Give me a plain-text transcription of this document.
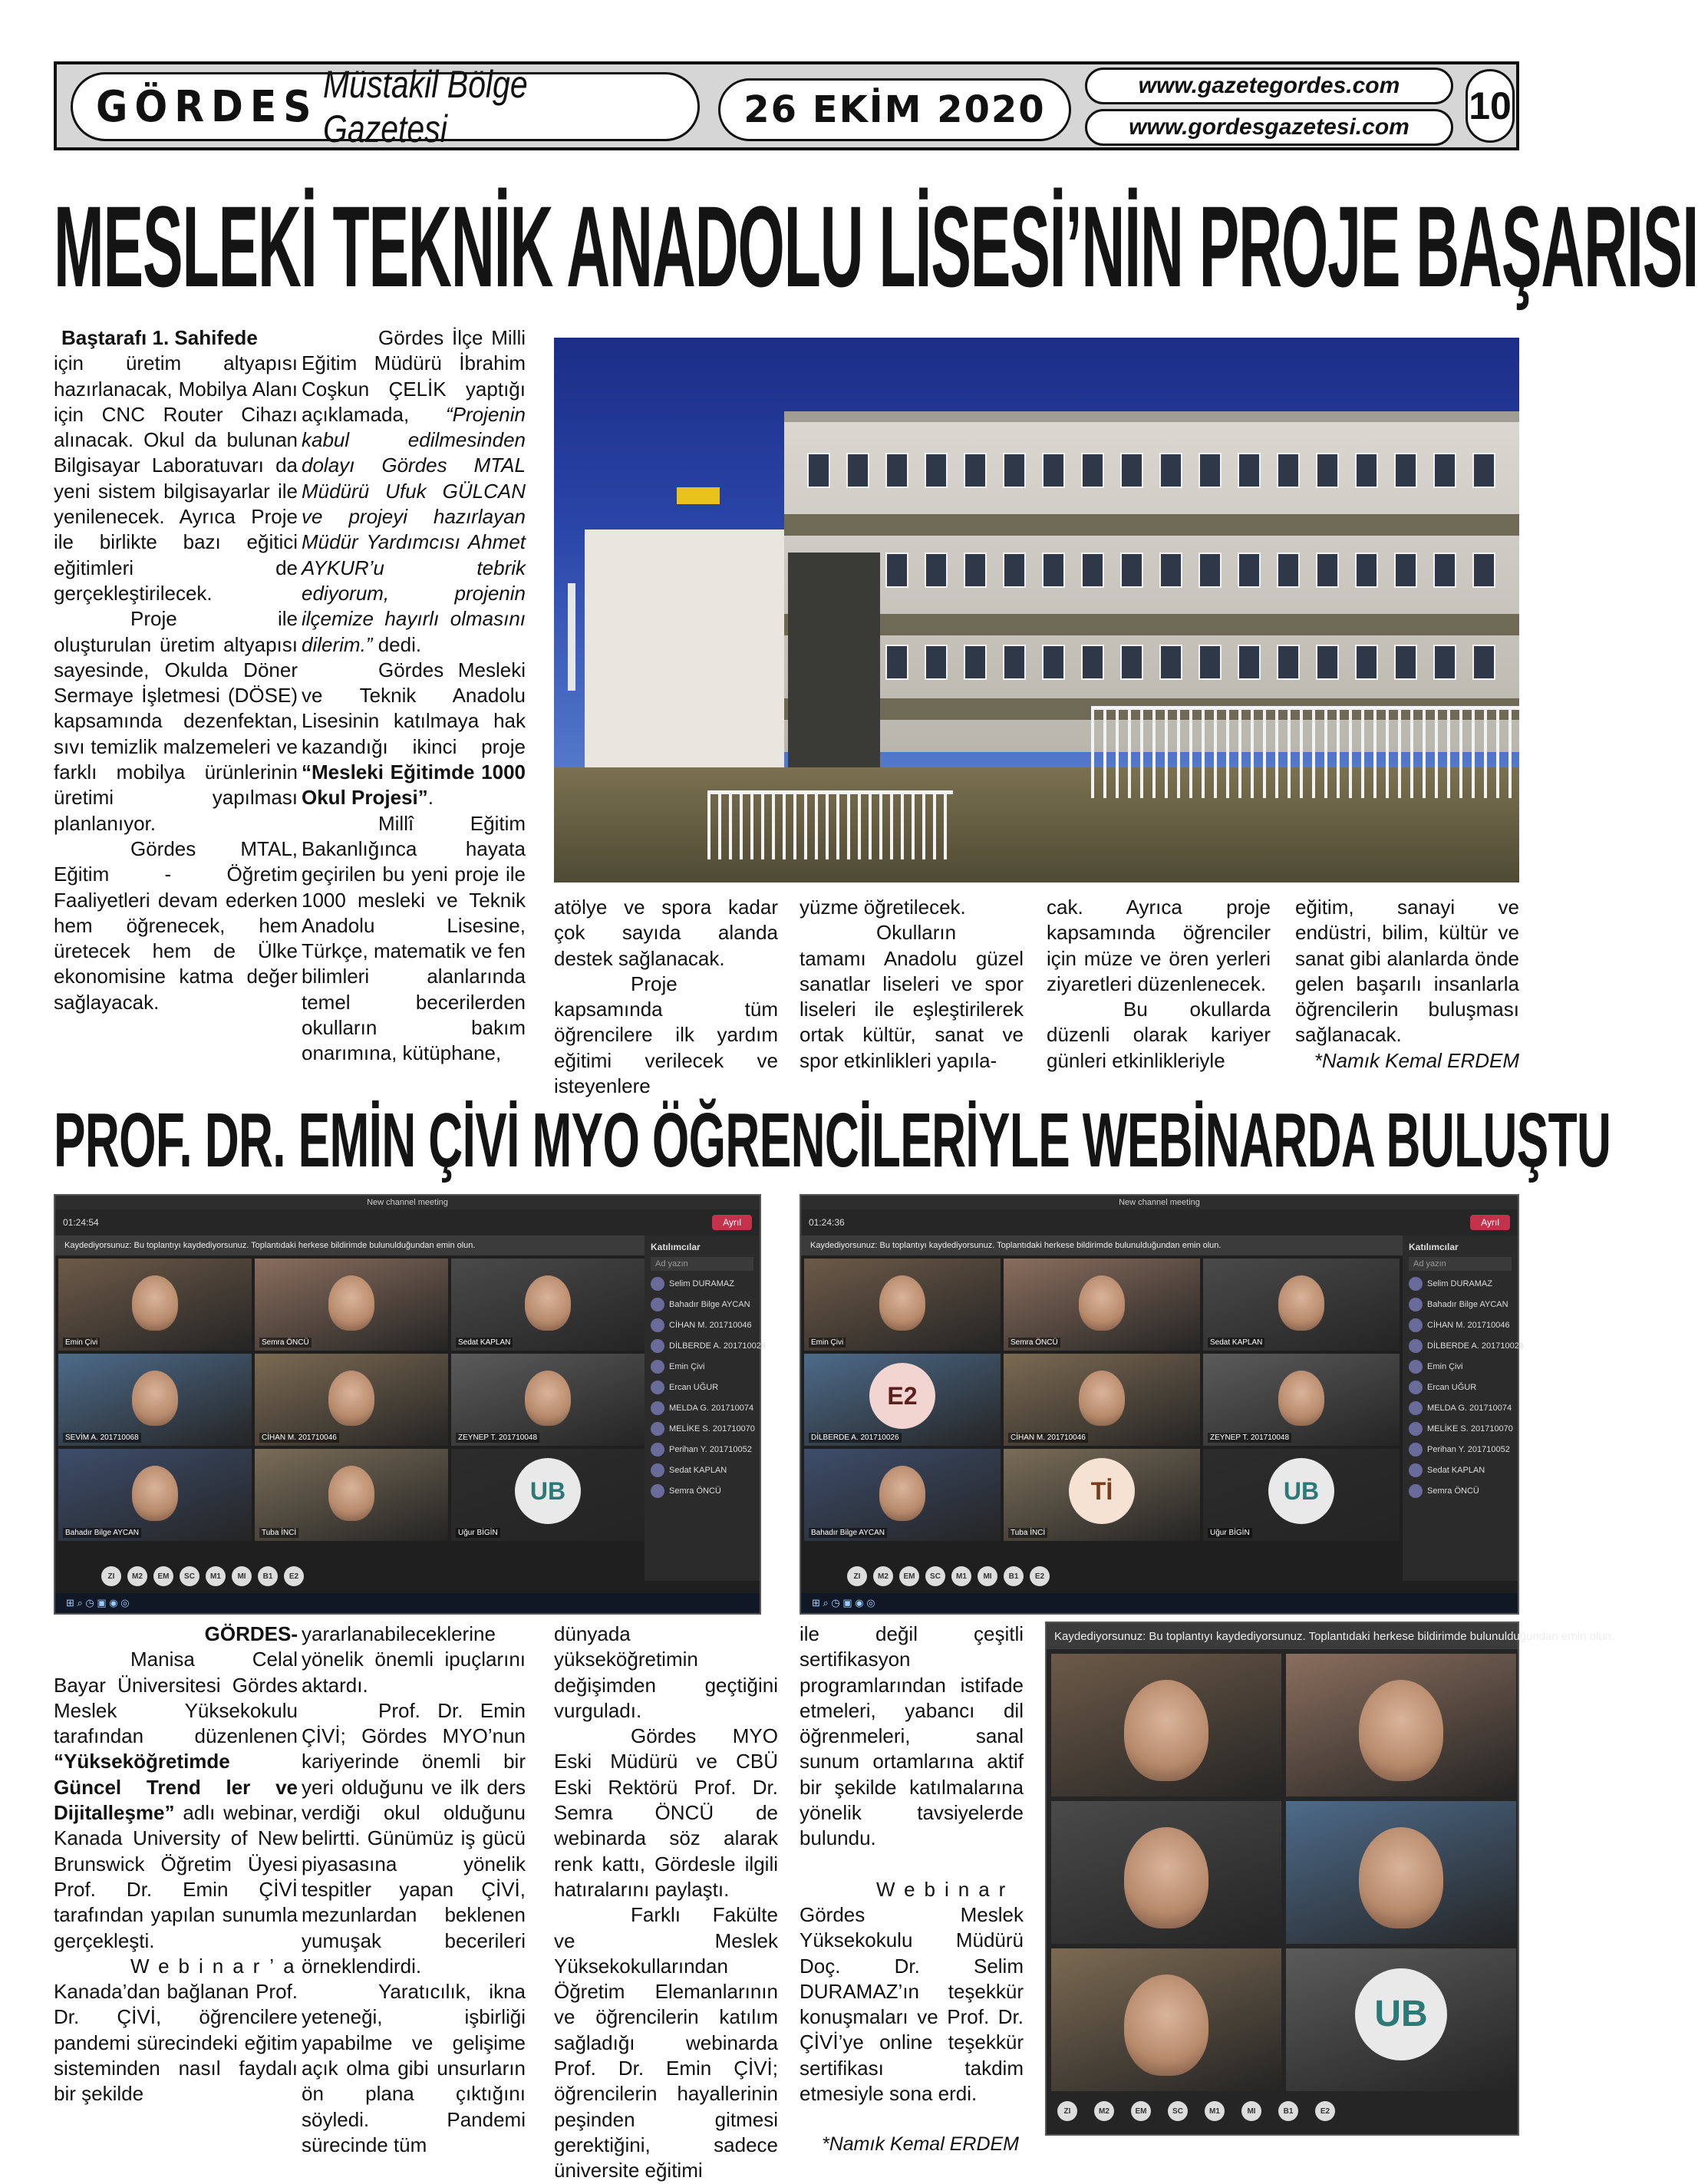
GÖRDES Müstakil Bölge Gazetesi	26 EKİM 2020
www.gazetegordes.com
www.gordesgazetesi.com	10
MESLEKİ TEKNİK ANADOLU LİSESİ’NİN PROJE BAŞARISI

Baştarafı 1. Sahifede

için üretim altyapısı hazırlanacak, Mobilya Alanı için CNC Router Cihazı alınacak. Okul da bulunan Bilgisayar Laboratuvarı da yeni sistem bilgisayarlar ile yenilenecek. Ayrıca Proje ile birlikte bazı eğitici eğitimleri de gerçekleştirilecek.

Proje ile oluşturulan üretim altyapısı sayesinde, Okulda Döner Sermaye İşletmesi (DÖSE) kapsamında dezenfektan, sıvı temizlik malzemeleri ve farklı mobilya ürünlerinin üretimi yapılması planlanıyor.

Gördes MTAL, Eğitim - Öğretim Faaliyetleri devam ederken hem öğrenecek, hem üretecek hem de Ülke ekonomisine katma değer sağlayacak.

Gördes İlçe Milli Eğitim Müdürü İbrahim Coşkun ÇELİK yaptığı açıklamada, “Projenin kabul edilmesinden dolayı Gördes MTAL Müdürü Ufuk GÜLCAN ve projeyi hazırlayan Müdür Yardımcısı Ahmet AYKUR’u tebrik ediyorum, projenin ilçemize hayırlı olmasını dilerim.” dedi.

Gördes Mesleki ve Teknik Anadolu Lisesinin katılmaya hak kazandığı ikinci proje “Mesleki Eğitimde 1000 Okul Projesi”.

Millî Eğitim Bakanlığınca hayata geçirilen bu yeni proje ile 1000 mesleki ve Teknik Anadolu Lisesine, Türkçe, matematik ve fen bilimleri alanlarında temel becerilerden okulların bakım onarımına, kütüphane,

atölye ve spora kadar çok sayıda alanda destek sağlanacak.

Proje kapsamında tüm öğrencilere ilk yardım eğitimi verilecek ve isteyenlere

yüzme öğretilecek.

Okulların tamamı Anadolu güzel sanatlar liseleri ve spor liseleri ile eşleştirilerek ortak kültür, sanat ve spor etkinlikleri yapıla-

cak. Ayrıca proje kapsamında öğrenciler için müze ve ören yerleri ziyaretleri düzenlenecek.

Bu okullarda düzenli olarak kariyer günleri etkinlikleriyle

eğitim, sanayi ve endüstri, bilim, kültür ve sanat gibi alanlarda önde gelen başarılı insanlarla öğrencilerin buluşması sağlanacak.

*Namık Kemal ERDEM

PROF. DR. EMİN ÇİVİ MYO ÖĞRENCİLERİYLE WEBİNARDA BULUŞTU
New channel meeting
01:24:54	Ayrıl
Kaydediyorsunuz: Bu toplantıyı kaydediyorsunuz. Toplantıdaki herkese bildirimde bulunulduğundan emin olun.
Emin Çivi	Semra ÖNCÜ	Sedat KAPLAN
SEVİM A. 201710068	CİHAN M. 201710046	ZEYNEP T. 201710048
Bahadır Bilge AYCAN	Tuba İNCİ
UB
Uğur BİGİN
Katılımcılar
Ad yazın
Selim DURAMAZ
Bahadır Bilge AYCAN
CİHAN M. 201710046
DİLBERDE A. 201710026
Emin Çivi
Ercan UĞUR
MELDA G. 201710074
MELİKE S. 201710070
Perihan Y. 201710052
Sedat KAPLAN
Semra ÖNCÜ
ZI	M2	EM	SC	M1	MI	B1	E2
⊞ ⌕ ◷ ▣ ◉ ◎
New channel meeting
01:24:36	Ayrıl
Kaydediyorsunuz: Bu toplantıyı kaydediyorsunuz. Toplantıdaki herkese bildirimde bulunulduğundan emin olun.
Emin Çivi	Semra ÖNCÜ	Sedat KAPLAN
E2
DİLBERDE A. 201710026	CİHAN M. 201710046	ZEYNEP T. 201710048
Bahadır Bilge AYCAN
Tİ
Tuba İNCİ
UB
Uğur BİGİN
Katılımcılar
Ad yazın
Selim DURAMAZ
Bahadır Bilge AYCAN
CİHAN M. 201710046
DİLBERDE A. 201710026
Emin Çivi
Ercan UĞUR
MELDA G. 201710074
MELİKE S. 201710070
Perihan Y. 201710052
Sedat KAPLAN
Semra ÖNCÜ
ZI	M2	EM	SC	M1	MI	B1	E2
⊞ ⌕ ◷ ▣ ◉ ◎

GÖRDES-

Manisa Celal Bayar Üniversitesi Gördes Meslek Yüksekokulu tarafından düzenlenen “Yükseköğretimde Güncel Trend ler ve Dijitalleşme” adlı webinar, Kanada University of New Brunswick Öğretim Üyesi Prof. Dr. Emin ÇİVİ tarafından yapılan sunumla gerçekleşti.

Webinar’a
Kanada’dan bağlanan Prof. Dr. ÇİVİ, öğrencilere pandemi sürecindeki eğitim sisteminden nasıl faydalı bir şekilde

yararlanabileceklerine yönelik önemli ipuçlarını aktardı.

Prof. Dr. Emin ÇİVİ; Gördes MYO’nun kariyerinde önemli bir yeri olduğunu ve ilk ders verdiği okul olduğunu belirtti. Günümüz iş gücü piyasasına yönelik tespitler yapan ÇİVİ, mezunlardan beklenen yumuşak becerileri örneklendirdi.

Yaratıcılık, ikna yeteneği, işbirliği yapabilme ve gelişime açık olma gibi unsurların ön plana çıktığını söyledi. Pandemi sürecinde tüm

dünyada yükseköğretimin değişimden geçtiğini vurguladı.

Gördes MYO Eski Müdürü ve CBÜ Eski Rektörü Prof. Dr. Semra ÖNCÜ de webinarda söz alarak renk kattı, Gördesle ilgili hatıralarını paylaştı.

Farklı Fakülte ve Meslek Yüksekokullarından Öğretim Elemanlarının ve öğrencilerin katılım sağladığı webinarda Prof. Dr. Emin ÇİVİ; öğrencilerin hayallerinin peşinden gitmesi gerektiğini, sadece üniversite eğitimi

ile değil çeşitli sertifikasyon programlarından istifade etmeleri, yabancı dil öğrenmeleri, sanal sunum ortamlarına aktif bir şekilde katılmalarına yönelik tavsiyelerde bulundu.

Webinar
Gördes Meslek Yüksekokulu Müdürü Doç. Dr. Selim DURAMAZ’ın teşekkür konuşmaları ve Prof. Dr. ÇİVİ’ye online teşekkür sertifikası takdim etmesiyle sona erdi.

*Namık Kemal ERDEM

Kaydediyorsunuz: Bu toplantıyı kaydediyorsunuz. Toplantıdaki herkese bildirimde bulunulduğundan emin olun.
UB
ZI	M2	EM	SC	M1	MI	B1	E2
